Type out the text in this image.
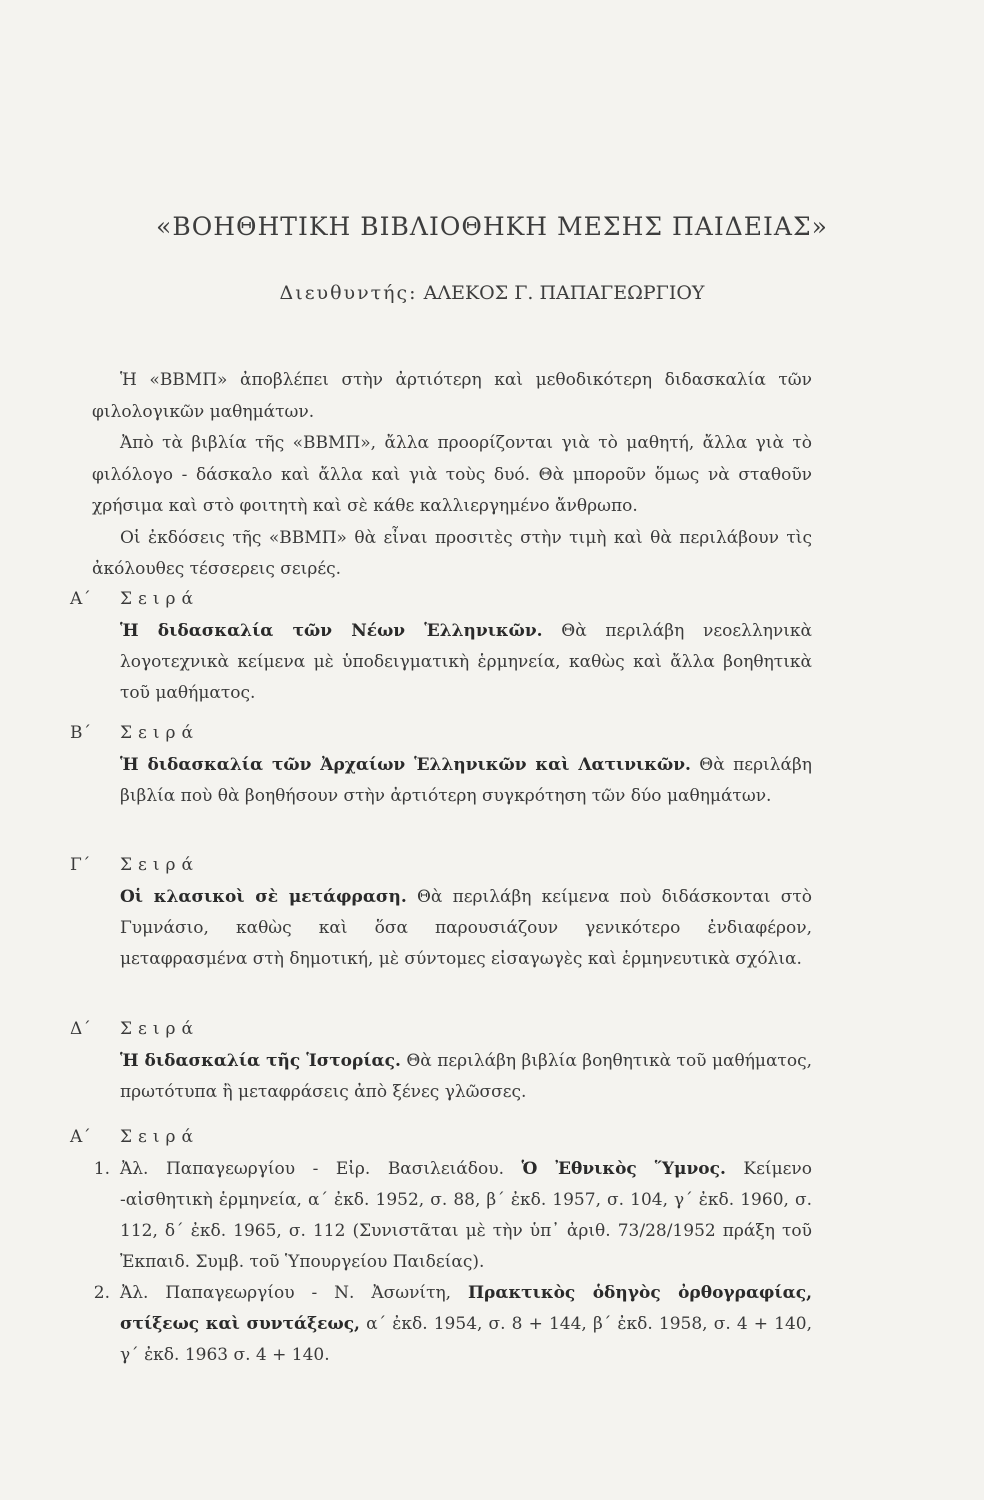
«ΒΟΗΘΗΤΙΚΗ ΒΙΒΛΙΟΘΗΚΗ ΜΕΣΗΣ ΠΑΙΔΕΙΑΣ»
Διευθυντής: ΑΛΕΚΟΣ Γ. ΠΑΠΑΓΕΩΡΓΙΟΥ

Ἡ «ΒΒΜΠ» ἀποβλέπει στὴν ἀρτιότερη καὶ μεθοδικότερη διδασκαλία τῶν φιλολογικῶν μαθημάτων.

Ἀπὸ τὰ βιβλία τῆς «ΒΒΜΠ», ἄλλα προορίζονται γιὰ τὸ μαθητή, ἄλλα γιὰ τὸ φιλόλογο - δάσκαλο καὶ ἄλλα καὶ γιὰ τοὺς δυό. Θὰ μποροῦν ὅμως νὰ σταθοῦν χρήσιμα καὶ στὸ φοιτητὴ καὶ σὲ κάθε καλλιεργημένο ἄνθρωπο.

Οἱ ἐκδόσεις τῆς «ΒΒΜΠ» θὰ εἶναι προσιτὲς στὴν τιμὴ καὶ θὰ περιλάβουν τὶς ἀκόλουθες τέσσερεις σειρές.

Α΄	Σειρά
Ἡ διδασκαλία τῶν Νέων Ἑλληνικῶν. Θὰ περιλάβη νεοελληνικὰ λογοτεχνικὰ κείμενα μὲ ὑποδειγματικὴ ἑρμηνεία, καθὼς καὶ ἄλλα βοηθητικὰ τοῦ μαθήματος.
Β΄	Σειρά
Ἡ διδασκαλία τῶν Ἀρχαίων Ἑλληνικῶν καὶ Λατινικῶν. Θὰ περιλάβη βιβλία ποὺ θὰ βοηθήσουν στὴν ἀρτιότερη συγκρότηση τῶν δύο μαθημάτων.
Γ΄	Σειρά
Οἱ κλασικοὶ σὲ μετάφραση. Θὰ περιλάβη κείμενα ποὺ διδάσκονται στὸ Γυμνάσιο, καθὼς καὶ ὅσα παρουσιάζουν γενικότερο ἐνδιαφέρον, μεταφρασμένα στὴ δημοτική, μὲ σύντομες εἰσαγωγὲς καὶ ἑρμηνευτικὰ σχόλια.
Δ΄	Σειρά
Ἡ διδασκαλία τῆς Ἱστορίας. Θὰ περιλάβη βιβλία βοηθητικὰ τοῦ μαθήματος, πρωτότυπα ἢ μεταφράσεις ἀπὸ ξένες γλῶσσες.
Α΄	Σειρά
1. Ἀλ. Παπαγεωργίου - Εἰρ. Βασιλειάδου. Ὁ Ἐθνικὸς Ὕμνος. Κείμενο -αἰσθητικὴ ἑρμηνεία, α΄ ἐκδ. 1952, σ. 88, β΄ ἐκδ. 1957, σ. 104, γ΄ ἐκδ. 1960, σ. 112, δ΄ ἐκδ. 1965, σ. 112 (Συνιστᾶται μὲ τὴν ὑπ᾽ ἀριθ. 73/28/1952 πράξη τοῦ Ἐκπαιδ. Συμβ. τοῦ Ὑπουργείου Παιδείας).
2. Ἀλ. Παπαγεωργίου - Ν. Ἀσωνίτη, Πρακτικὸς ὁδηγὸς ὀρθογραφίας, στίξεως καὶ συντάξεως, α΄ ἐκδ. 1954, σ. 8 + 144, β΄ ἐκδ. 1958, σ. 4 + 140, γ΄ ἐκδ. 1963 σ. 4 + 140.
